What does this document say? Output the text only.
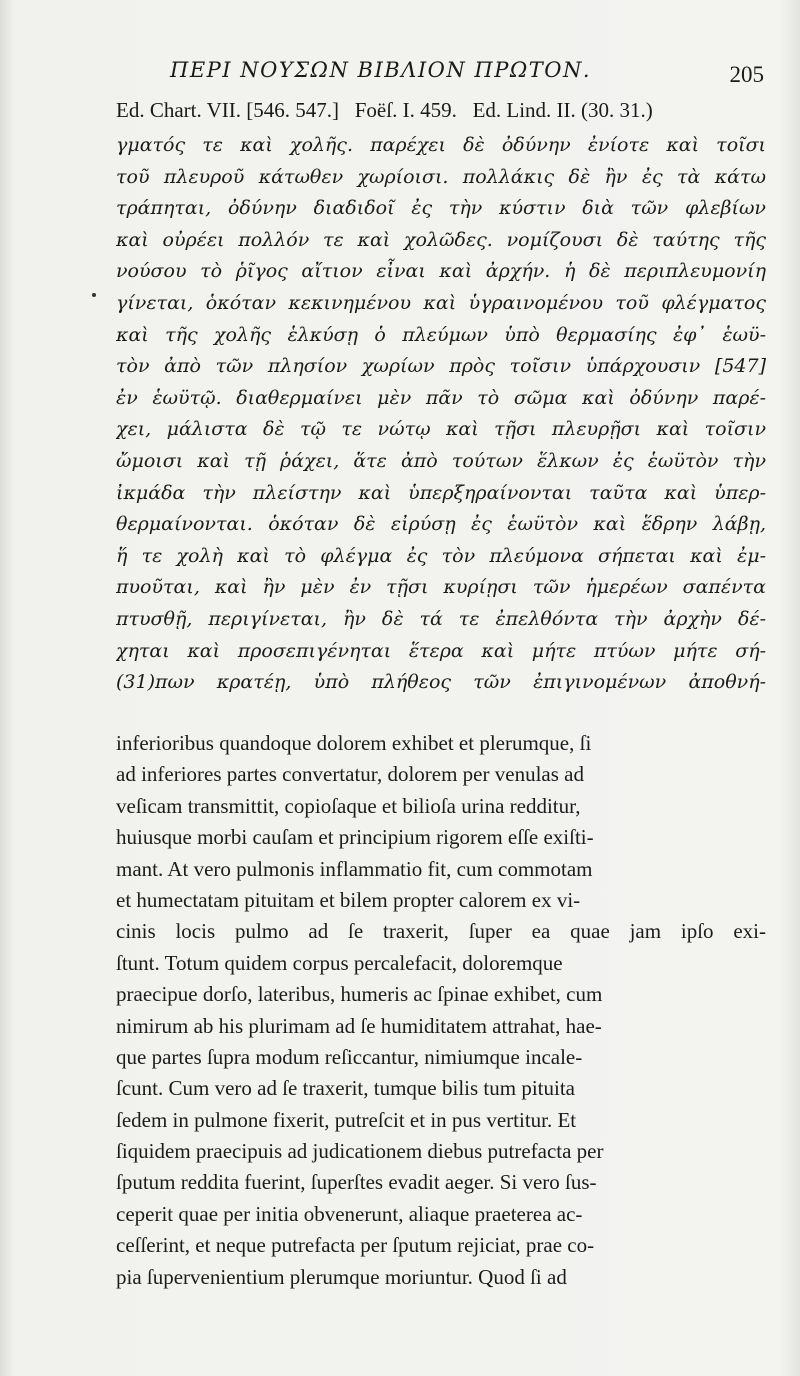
ΠΕΡΙ ΝΟΥΣΩΝ ΒΙΒΛΙΟΝ ΠΡΩΤΟΝ.	205
Ed. Chart. VII. [546. 547.]   Foëſ. I. 459.   Ed. Lind. II. (30. 31.)
γματός τε καὶ χολῆς. παρέχει δὲ ὀδύνην ἐνίοτε καὶ τοῖσι
τοῦ πλευροῦ κάτωθεν χωρίοισι. πολλάκις δὲ ἢν ἐς τὰ κάτω
τράπηται, ὀδύνην διαδιδοῖ ἐς τὴν κύστιν διὰ τῶν φλεβίων
καὶ οὐρέει πολλόν τε καὶ χολῶδες. νομίζουσι δὲ ταύτης τῆς
νούσου τὸ ῥῖγος αἴτιον εἶναι καὶ ἀρχήν. ἡ δὲ περιπλευμονίη
γίνεται, ὁκόταν κεκινημένου καὶ ὑγραινομένου τοῦ φλέγματος
καὶ τῆς χολῆς ἑλκύσῃ ὁ πλεύμων ὑπὸ θερμασίης ἐφ᾽ ἑωϋ-
τὸν ἀπὸ τῶν πλησίον χωρίων πρὸς τοῖσιν ὑπάρχουσιν [547]
ἐν ἑωϋτῷ. διαθερμαίνει μὲν πᾶν τὸ σῶμα καὶ ὀδύνην παρέ-
χει, μάλιστα δὲ τῷ τε νώτῳ καὶ τῇσι πλευρῇσι καὶ τοῖσιν
ὤμοισι καὶ τῇ ῥάχει, ἅτε ἀπὸ τούτων ἕλκων ἐς ἑωϋτὸν τὴν
ἰκμάδα τὴν πλείστην καὶ ὑπερξηραίνονται ταῦτα καὶ ὑπερ-
θερμαίνονται. ὁκόταν δὲ εἰρύσῃ ἐς ἑωϋτὸν καὶ ἕδρην λάβῃ,
ἥ τε χολὴ καὶ τὸ φλέγμα ἐς τὸν πλεύμονα σήπεται καὶ ἐμ-
πυοῦται, καὶ ἢν μὲν ἐν τῇσι κυρίῃσι τῶν ἡμερέων σαπέντα
πτυσθῇ, περιγίνεται, ἢν δὲ τά τε ἐπελθόντα τὴν ἀρχὴν δέ-
χηται καὶ προσεπιγένηται ἕτερα καὶ μήτε πτύων μήτε σή-
(31)πων κρατέῃ, ὑπὸ πλήθεος τῶν ἐπιγινομένων ἀποθνή-
inferioribus quandoque dolorem exhibet et plerumque, ſi
ad inferiores partes convertatur, dolorem per venulas ad
veſicam transmittit, copioſaque et bilioſa urina redditur,
huiusque morbi cauſam et principium rigorem eſſe exiſti-
mant. At vero pulmonis inflammatio fit, cum commotam
et humectatam pituitam et bilem propter calorem ex vi-
cinis locis pulmo ad ſe traxerit, ſuper ea quae jam ipſo exi-
ſtunt. Totum quidem corpus percalefacit, doloremque
praecipue dorſo, lateribus, humeris ac ſpinae exhibet, cum
nimirum ab his plurimam ad ſe humiditatem attrahat, hae-
que partes ſupra modum reſiccantur, nimiumque incale-
ſcunt. Cum vero ad ſe traxerit, tumque bilis tum pituita
ſedem in pulmone fixerit, putreſcit et in pus vertitur. Et
ſiquidem praecipuis ad judicationem diebus putrefacta per
ſputum reddita fuerint, ſuperſtes evadit aeger. Si vero ſus-
ceperit quae per initia obvenerunt, aliaque praeterea ac-
ceſſerint, et neque putrefacta per ſputum rejiciat, prae co-
pia ſupervenientium plerumque moriuntur. Quod ſi ad
